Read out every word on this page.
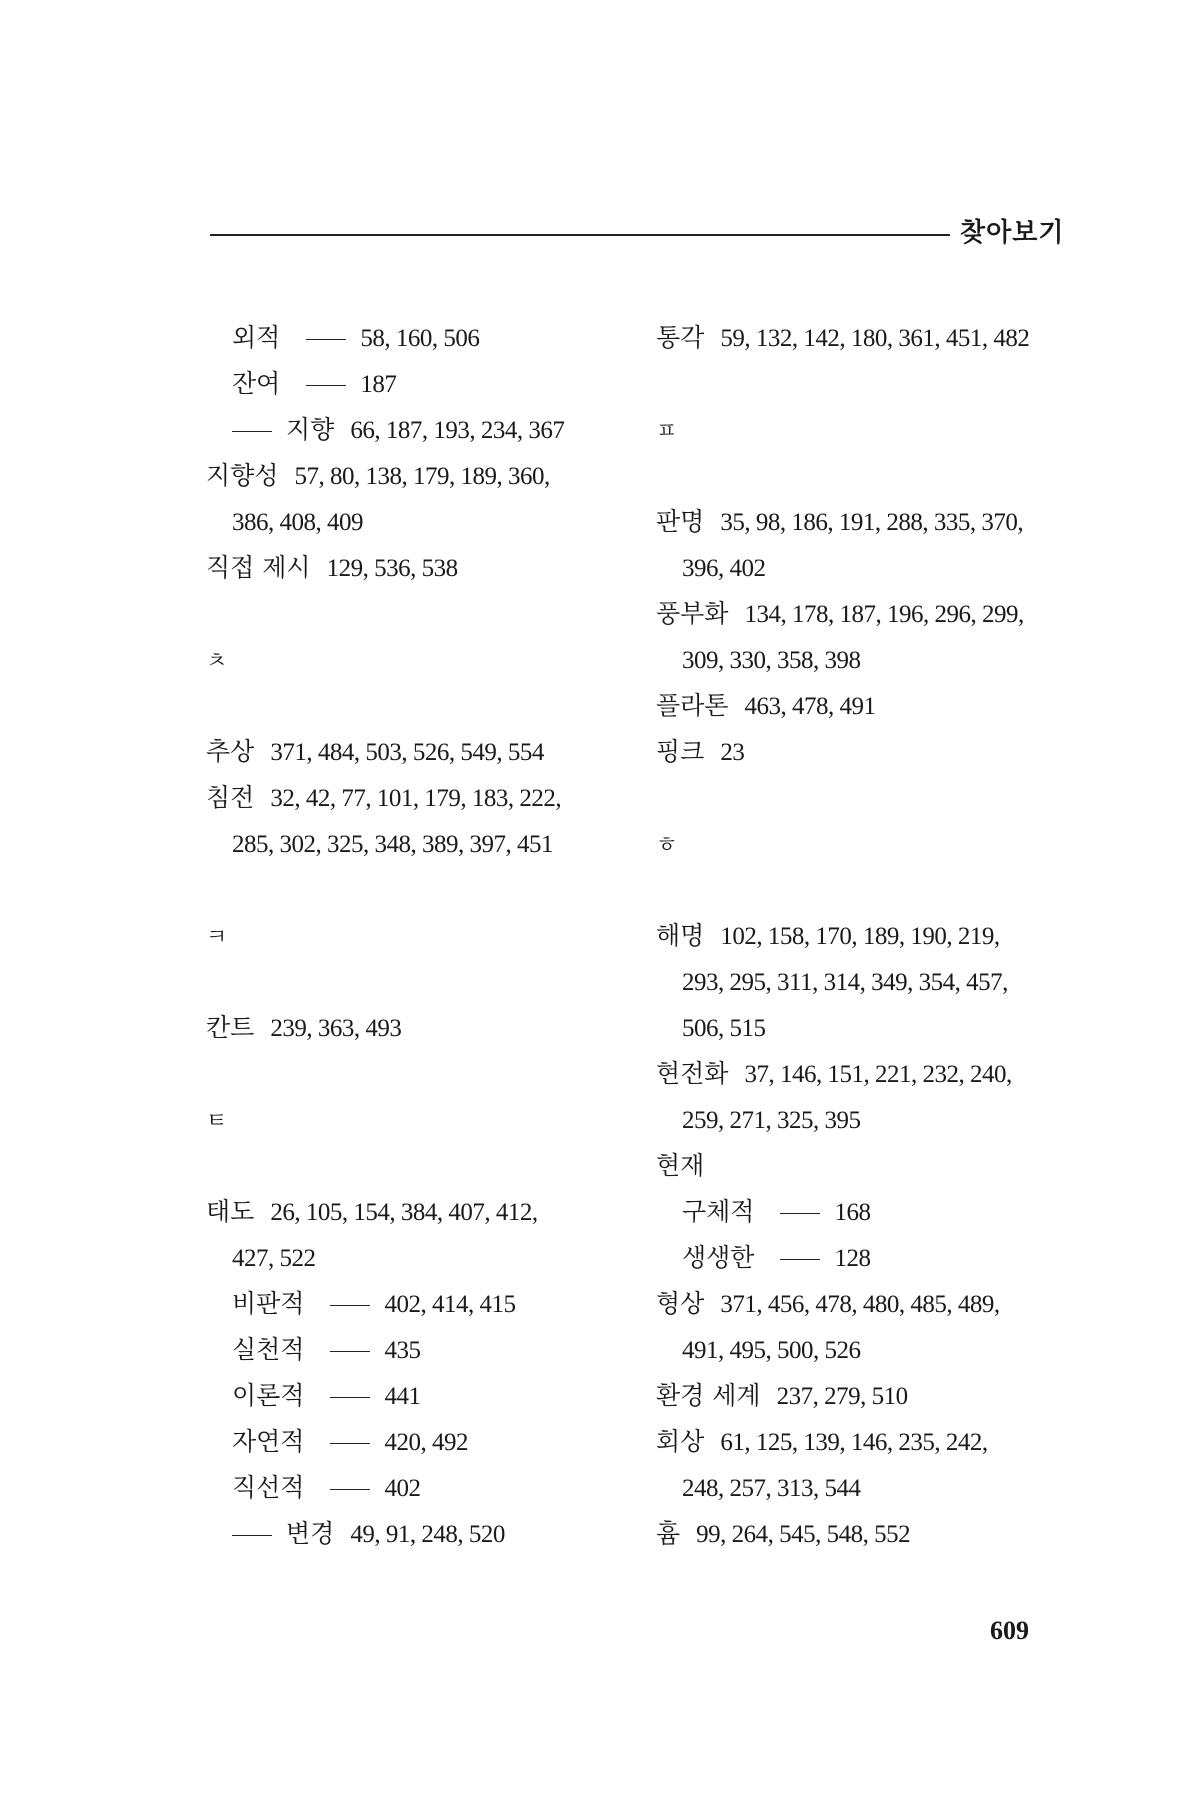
찾아보기
외적	58, 160, 506
잔여	187
지향 66, 187, 193, 234, 367
지향성 57, 80, 138, 179, 189, 360,
386, 408, 409
직접 제시 129, 536, 538
ㅊ
추상 371, 484, 503, 526, 549, 554
침전 32, 42, 77, 101, 179, 183, 222,
285, 302, 325, 348, 389, 397, 451
ㅋ
칸트 239, 363, 493
ㅌ
태도 26, 105, 154, 384, 407, 412,
427, 522
비판적	402, 414, 415
실천적	435
이론적	441
자연적	420, 492
직선적	402
변경 49, 91, 248, 520
통각 59, 132, 142, 180, 361, 451, 482
ㅍ
판명 35, 98, 186, 191, 288, 335, 370,
396, 402
풍부화 134, 178, 187, 196, 296, 299,
309, 330, 358, 398
플라톤 463, 478, 491
핑크 23
ㅎ
해명 102, 158, 170, 189, 190, 219,
293, 295, 311, 314, 349, 354, 457,
506, 515
현전화 37, 146, 151, 221, 232, 240,
259, 271, 325, 395
현재
구체적	168
생생한	128
형상 371, 456, 478, 480, 485, 489,
491, 495, 500, 526
환경 세계 237, 279, 510
회상 61, 125, 139, 146, 235, 242,
248, 257, 313, 544
흄 99, 264, 545, 548, 552
609
